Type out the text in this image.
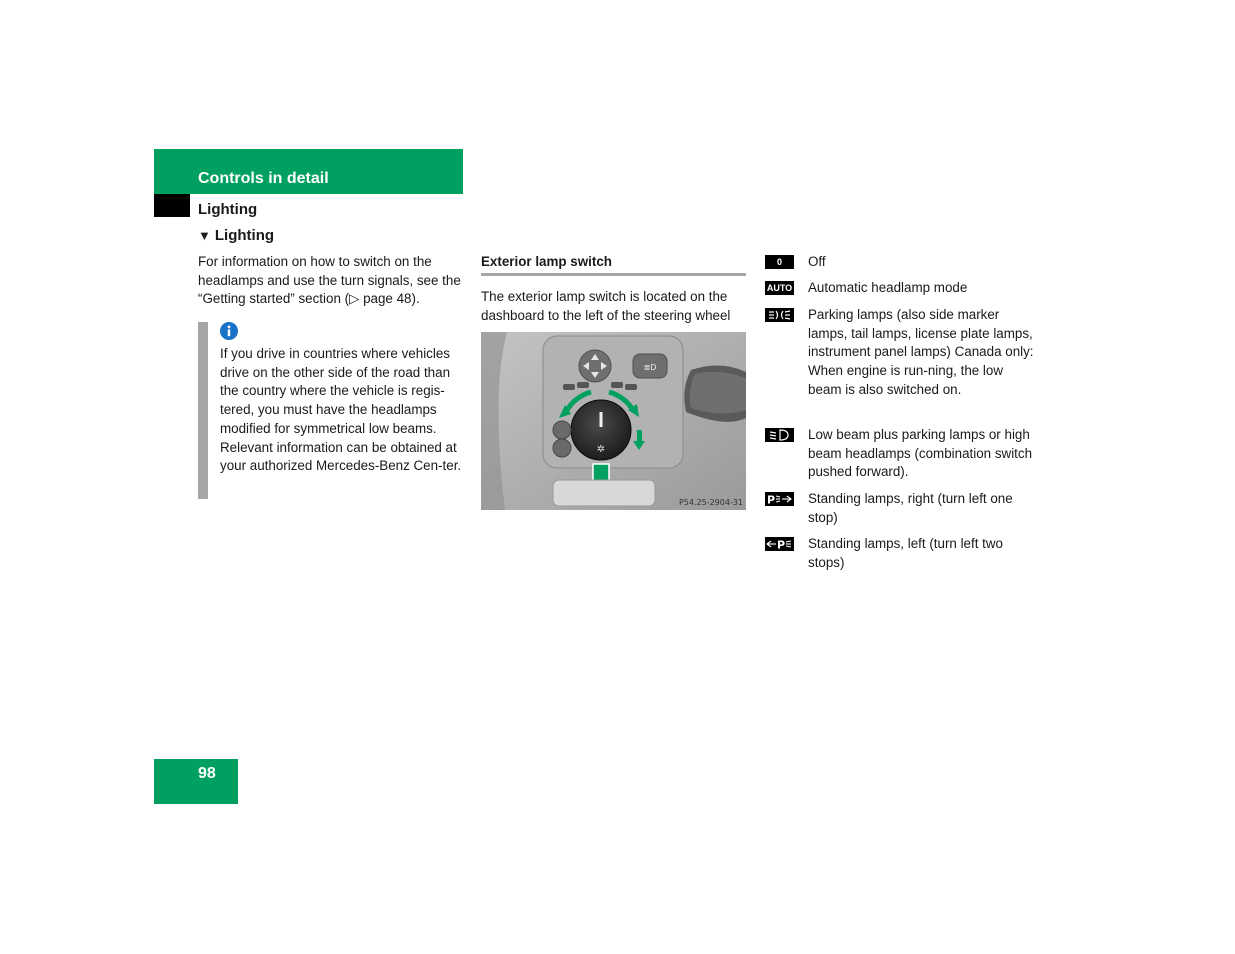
Controls in detail
Lighting
▼ Lighting

For information on how to switch on the headlamps and use the turn signals, see the “Getting started” section (▷ page 48).

If you drive in countries where vehicles drive on the other side of the road than the country where the vehicle is regis-tered, you must have the headlamps modified for symmetrical low beams. Relevant information can be obtained at your authorized Mercedes-Benz Cen-ter.

Exterior lamp switch

The exterior lamp switch is located on the dashboard to the left of the steering wheel

≣D
✲
P54.25-2904-31
0	Off

AUTO Automatic headlamp mode

Parking lamps (also side marker lamps, tail lamps, license plate lamps, instrument panel lamps) Canada only: When engine is run-ning, the low beam is also switched on.

Low beam plus parking lamps or high beam headlamps (combination switch pushed forward).

P Standing lamps, right (turn left one stop)

P Standing lamps, left (turn left two stops)

98
